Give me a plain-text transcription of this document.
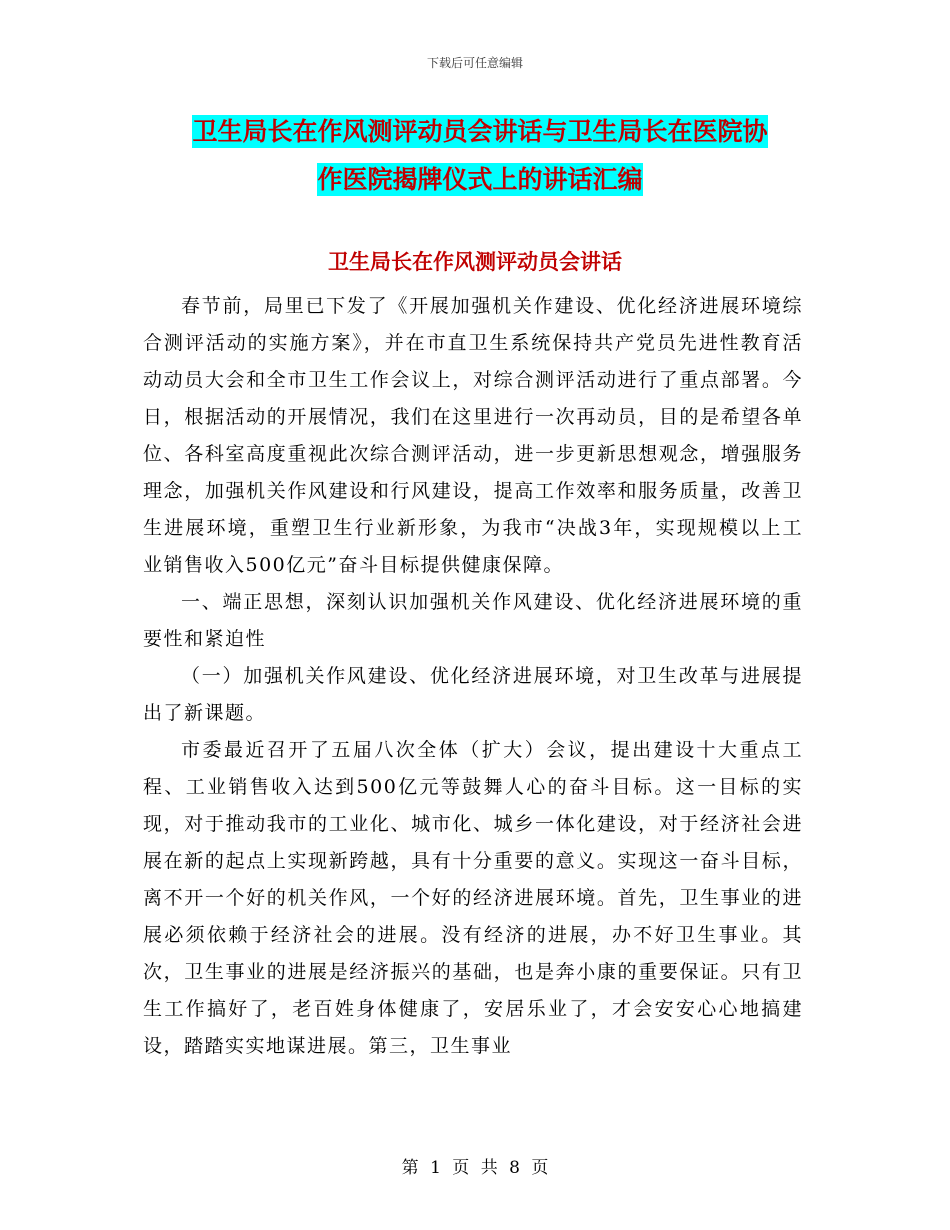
下载后可任意编辑
卫生局长在作风测评动员会讲话与卫生局长在医院协
作医院揭牌仪式上的讲话汇编
卫生局长在作风测评动员会讲话

春节前，局里已下发了《开展加强机关作建设、优化经济进展环境综合测评活动的实施方案》，并在市直卫生系统保持共产党员先进性教育活动动员大会和全市卫生工作会议上，对综合测评活动进行了重点部署。今日，根据活动的开展情况，我们在这里进行一次再动员，目的是希望各单位、各科室高度重视此次综合测评活动，进一步更新思想观念，增强服务理念，加强机关作风建设和行风建设，提高工作效率和服务质量，改善卫生进展环境，重塑卫生行业新形象，为我市“决战3年，实现规模以上工业销售收入500亿元”奋斗目标提供健康保障。

一、端正思想，深刻认识加强机关作风建设、优化经济进展环境的重要性和紧迫性

（一）加强机关作风建设、优化经济进展环境，对卫生改革与进展提出了新课题。

市委最近召开了五届八次全体（扩大）会议，提出建设十大重点工程、工业销售收入达到500亿元等鼓舞人心的奋斗目标。这一目标的实现，对于推动我市的工业化、城市化、城乡一体化建设，对于经济社会进展在新的起点上实现新跨越，具有十分重要的意义。实现这一奋斗目标，离不开一个好的机关作风，一个好的经济进展环境。首先，卫生事业的进展必须依赖于经济社会的进展。没有经济的进展，办不好卫生事业。其次，卫生事业的进展是经济振兴的基础，也是奔小康的重要保证。只有卫生工作搞好了，老百姓身体健康了，安居乐业了，才会安安心心地搞建设，踏踏实实地谋进展。第三，卫生事业

第 1 页 共 8 页
